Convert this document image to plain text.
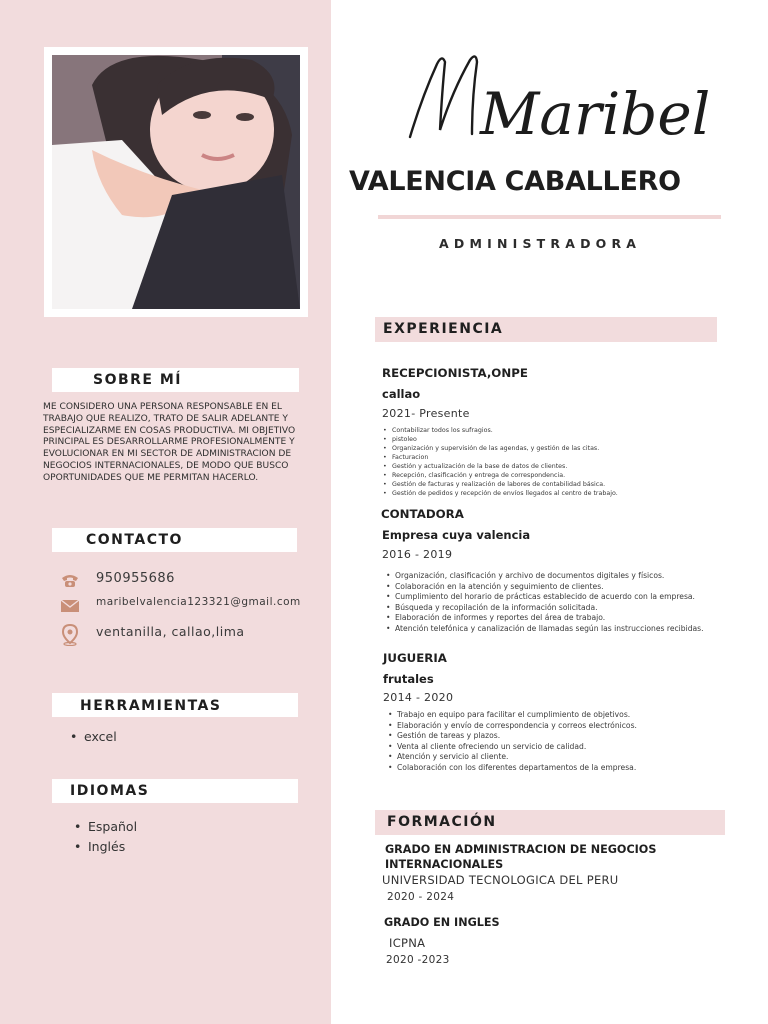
SOBRE MÍ
ME CONSIDERO UNA PERSONA RESPONSABLE EN EL TRABAJO QUE REALIZO, TRATO DE SALIR ADELANTE Y ESPECIALIZARME EN COSAS PRODUCTIVA. MI OBJETIVO PRINCIPAL ES DESARROLLARME PROFESIONALMENTE Y EVOLUCIONAR EN MI SECTOR DE ADMINISTRACION DE NEGOCIOS INTERNACIONALES, DE MODO QUE BUSCO OPORTUNIDADES QUE ME PERMITAN HACERLO.
CONTACTO
950955686
maribelvalencia123321@gmail.com
ventanilla, callao,lima
HERRAMIENTAS
• excel
IDIOMAS
• Español
• Inglés
Maribel
VALENCIA CABALLERO
ADMINISTRADORA
EXPERIENCIA
RECEPCIONISTA,ONPE
callao
2021- Presente
• Contabilizar todos los sufragios.
• pistoleo
• Organización y supervisión de las agendas, y gestión de las citas.
• Facturacion
• Gestión y actualización de la base de datos de clientes.
• Recepción, clasificación y entrega de correspondencia.
• Gestión de facturas y realización de labores de contabilidad básica.
• Gestión de pedidos y recepción de envíos llegados al centro de trabajo.
CONTADORA
Empresa cuya valencia
2016 - 2019
• Organización, clasificación y archivo de documentos digitales y físicos.
• Colaboración en la atención y seguimiento de clientes.
• Cumplimiento del horario de prácticas establecido de acuerdo con la empresa.
• Búsqueda y recopilación de la información solicitada.
• Elaboración de informes y reportes del área de trabajo.
• Atención telefónica y canalización de llamadas según las instrucciones recibidas.
JUGUERIA
frutales
2014 - 2020
• Trabajo en equipo para facilitar el cumplimiento de objetivos.
• Elaboración y envío de correspondencia y correos electrónicos.
• Gestión de tareas y plazos.
• Venta al cliente ofreciendo un servicio de calidad.
• Atención y servicio al cliente.
• Colaboración con los diferentes departamentos de la empresa.
FORMACIÓN
GRADO EN ADMINISTRACION DE NEGOCIOS INTERNACIONALES
UNIVERSIDAD TECNOLOGICA DEL PERU
2020 - 2024
GRADO EN INGLES
ICPNA
2020 -2023
